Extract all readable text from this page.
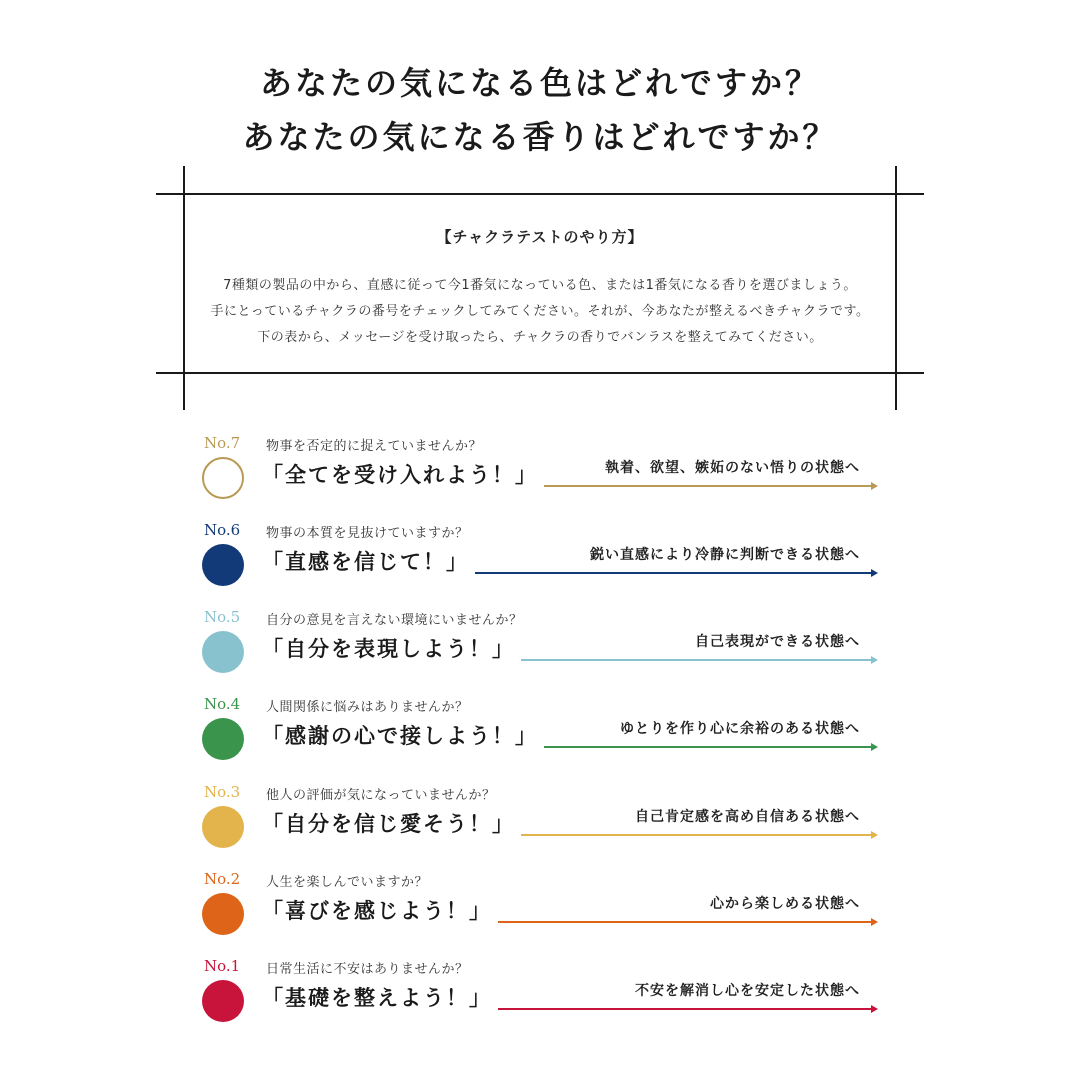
あなたの気になる色はどれですか？
あなたの気になる香りはどれですか？
【チャクラテストのやり方】
7種類の製品の中から、直感に従って今1番気になっている色、または1番気になる香りを選びましょう。
手にとっているチャクラの番号をチェックしてみてください。それが、今あなたが整えるべきチャクラです。
下の表から、メッセージを受け取ったら、チャクラの香りでバンラスを整えてみてください。
No.7 物事を否定的に捉えていませんか？
「全てを受け入れよう！」	執着、欲望、嫉妬のない悟りの状態へ
No.6 物事の本質を見抜けていますか？
「直感を信じて！」	鋭い直感により冷静に判断できる状態へ
No.5 自分の意見を言えない環境にいませんか？
「自分を表現しよう！」	自己表現ができる状態へ
No.4 人間関係に悩みはありませんか？
「感謝の心で接しよう！」	ゆとりを作り心に余裕のある状態へ
No.3 他人の評価が気になっていませんか？
「自分を信じ愛そう！」	自己肯定感を高め自信ある状態へ
No.2 人生を楽しんでいますか？
「喜びを感じよう！」	心から楽しめる状態へ
No.1 日常生活に不安はありませんか？
「基礎を整えよう！」	不安を解消し心を安定した状態へ
